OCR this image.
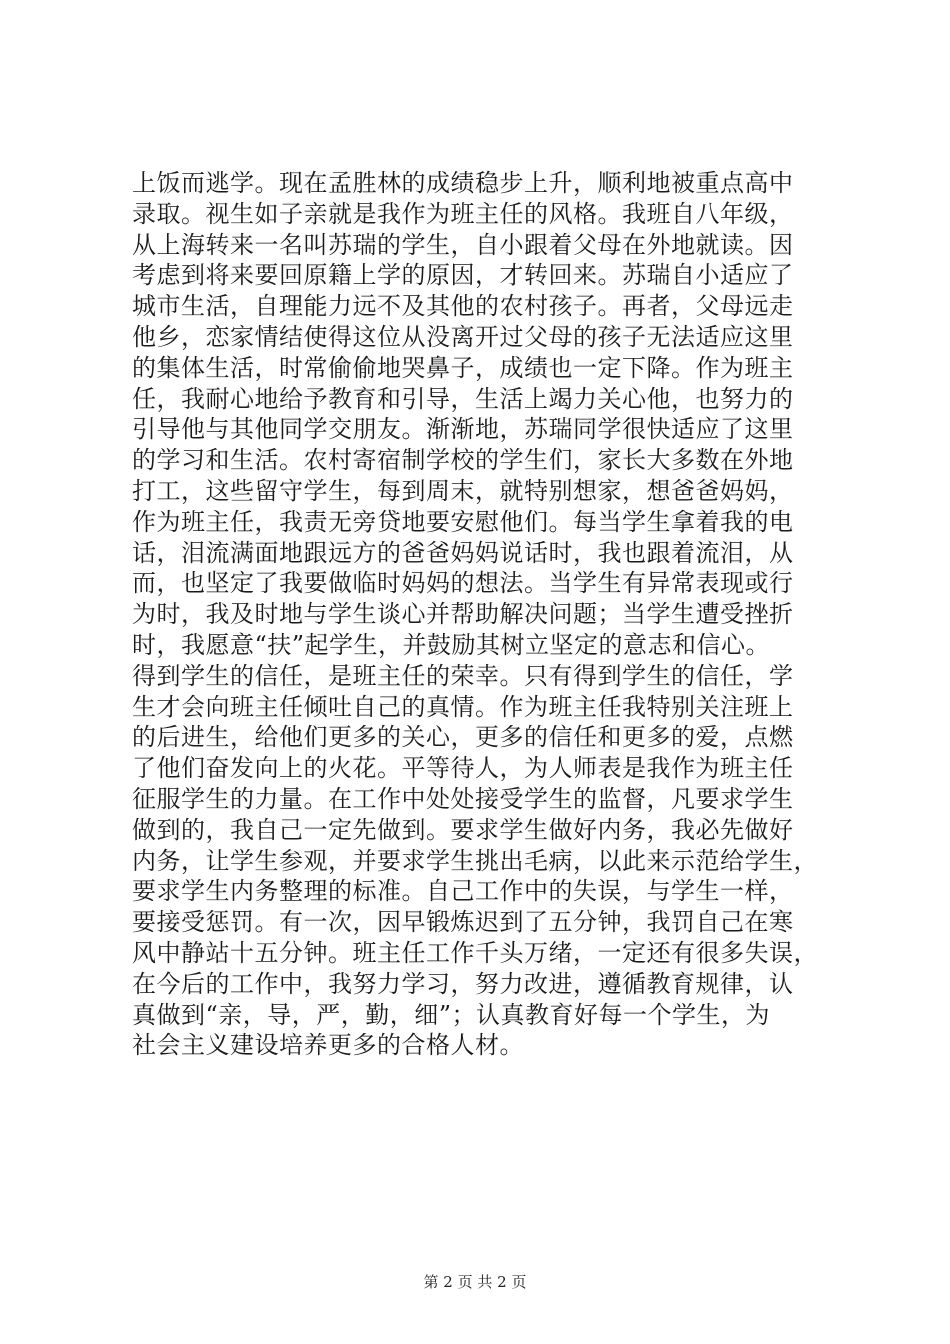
上饭而逃学。现在孟胜林的成绩稳步上升，顺利地被重点高中
录取。视生如子亲就是我作为班主任的风格。我班自八年级，
从上海转来一名叫苏瑞的学生，自小跟着父母在外地就读。因
考虑到将来要回原籍上学的原因，才转回来。苏瑞自小适应了
城市生活，自理能力远不及其他的农村孩子。再者，父母远走
他乡，恋家情结使得这位从没离开过父母的孩子无法适应这里
的集体生活，时常偷偷地哭鼻子，成绩也一定下降。作为班主
任，我耐心地给予教育和引导，生活上竭力关心他，也努力的
引导他与其他同学交朋友。渐渐地，苏瑞同学很快适应了这里
的学习和生活。农村寄宿制学校的学生们，家长大多数在外地
打工，这些留守学生，每到周末，就特别想家，想爸爸妈妈，
作为班主任，我责无旁贷地要安慰他们。每当学生拿着我的电
话，泪流满面地跟远方的爸爸妈妈说话时，我也跟着流泪，从
而，也坚定了我要做临时妈妈的想法。当学生有异常表现或行
为时，我及时地与学生谈心并帮助解决问题；当学生遭受挫折
时，我愿意“扶”起学生，并鼓励其树立坚定的意志和信心。
得到学生的信任，是班主任的荣幸。只有得到学生的信任，学
生才会向班主任倾吐自己的真情。作为班主任我特别关注班上
的后进生，给他们更多的关心，更多的信任和更多的爱，点燃
了他们奋发向上的火花。平等待人，为人师表是我作为班主任
征服学生的力量。在工作中处处接受学生的监督，凡要求学生
做到的，我自己一定先做到。要求学生做好内务，我必先做好
内务，让学生参观，并要求学生挑出毛病，以此来示范给学生，
要求学生内务整理的标准。自己工作中的失误，与学生一样，
要接受惩罚。有一次，因早锻炼迟到了五分钟，我罚自己在寒
风中静站十五分钟。班主任工作千头万绪，一定还有很多失误，
在今后的工作中，我努力学习，努力改进，遵循教育规律，认
真做到“亲，导，严，勤，细”；认真教育好每一个学生，为
社会主义建设培养更多的合格人材。
第 2 页 共 2 页
